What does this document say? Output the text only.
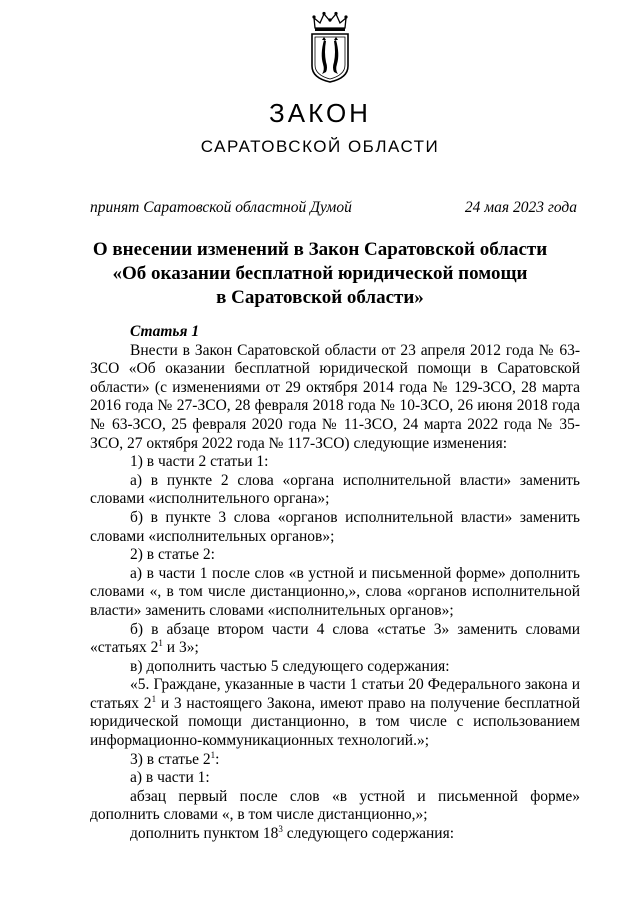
ЗАКОН
САРАТОВСКОЙ ОБЛАСТИ
принят Саратовской областной Думой	24 мая 2023 года
О внесении изменений в Закон Саратовской области
«Об оказании бесплатной юридической помощи
в Саратовской области»

Статья 1

Внести в Закон Саратовской области от 23 апреля 2012 года № 63-ЗСО «Об оказании бесплатной юридической помощи в Саратовской области» (с изменениями от 29 октября 2014 года № 129-ЗСО, 28 марта 2016 года № 27-ЗСО, 28 февраля 2018 года № 10-ЗСО, 26 июня 2018 года № 63-ЗСО, 25 февраля 2020 года № 11-ЗСО, 24 марта 2022 года № 35-ЗСО, 27 октября 2022 года № 117-ЗСО) следующие изменения:

1) в части 2 статьи 1:

а) в пункте 2 слова «органа исполнительной власти» заменить словами «исполнительного органа»;

б) в пункте 3 слова «органов исполнительной власти» заменить словами «исполнительных органов»;

2) в статье 2:

а) в части 1 после слов «в устной и письменной форме» дополнить словами «, в том числе дистанционно,», слова «органов исполнительной власти» заменить словами «исполнительных органов»;

б) в абзаце втором части 4 слова «статье 3» заменить словами «статьях $2^1$ и 3»;

в) дополнить частью 5 следующего содержания:

«5. Граждане, указанные в части 1 статьи 20 Федерального закона и статьях $2^1$ и 3 настоящего Закона, имеют право на получение бесплатной юридической помощи дистанционно, в том числе с использованием информационно-коммуникационных технологий.»;

3) в статье $2^1$:

а) в части 1:

абзац первый после слов «в устной и письменной форме» дополнить словами «, в том числе дистанционно,»;

дополнить пунктом $18^3$ следующего содержания:
